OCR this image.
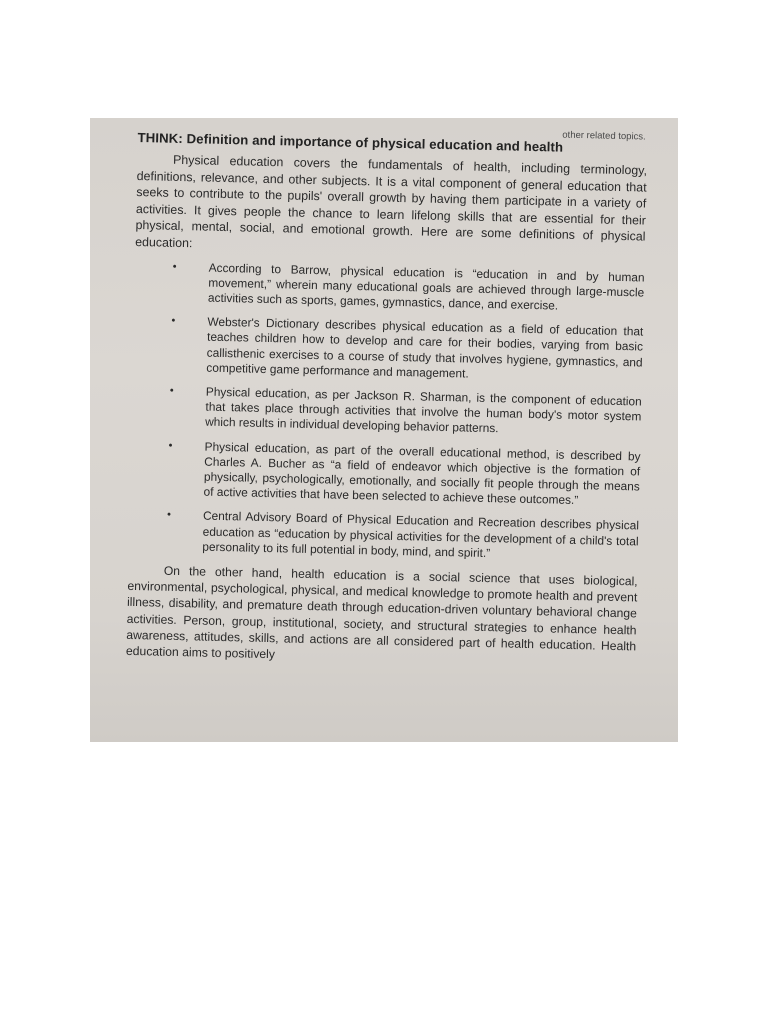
other related topics.
THINK: Definition and importance of physical education and health

Physical education covers the fundamentals of health, including terminology, definitions, relevance, and other subjects. It is a vital component of general education that seeks to contribute to the pupils' overall growth by having them participate in a variety of activities. It gives people the chance to learn lifelong skills that are essential for their physical, mental, social, and emotional growth. Here are some definitions of physical education:

•	According to Barrow, physical education is “education in and by human movement,” wherein many educational goals are achieved through large-muscle activities such as sports, games, gymnastics, dance, and exercise.
•	Webster's Dictionary describes physical education as a field of education that teaches children how to develop and care for their bodies, varying from basic callisthenic exercises to a course of study that involves hygiene, gymnastics, and competitive game performance and management.
•	Physical education, as per Jackson R. Sharman, is the component of education that takes place through activities that involve the human body's motor system which results in individual developing behavior patterns.
•	Physical education, as part of the overall educational method, is described by Charles A. Bucher as “a field of endeavor which objective is the formation of physically, psychologically, emotionally, and socially fit people through the means of active activities that have been selected to achieve these outcomes.”
•	Central Advisory Board of Physical Education and Recreation describes physical education as “education by physical activities for the development of a child's total personality to its full potential in body, mind, and spirit.”

On the other hand, health education is a social science that uses biological, environmental, psychological, physical, and medical knowledge to promote health and prevent illness, disability, and premature death through education-driven voluntary behavioral change activities. Person, group, institutional, society, and structural strategies to enhance health awareness, attitudes, skills, and actions are all considered part of health education. Health education aims to positively
